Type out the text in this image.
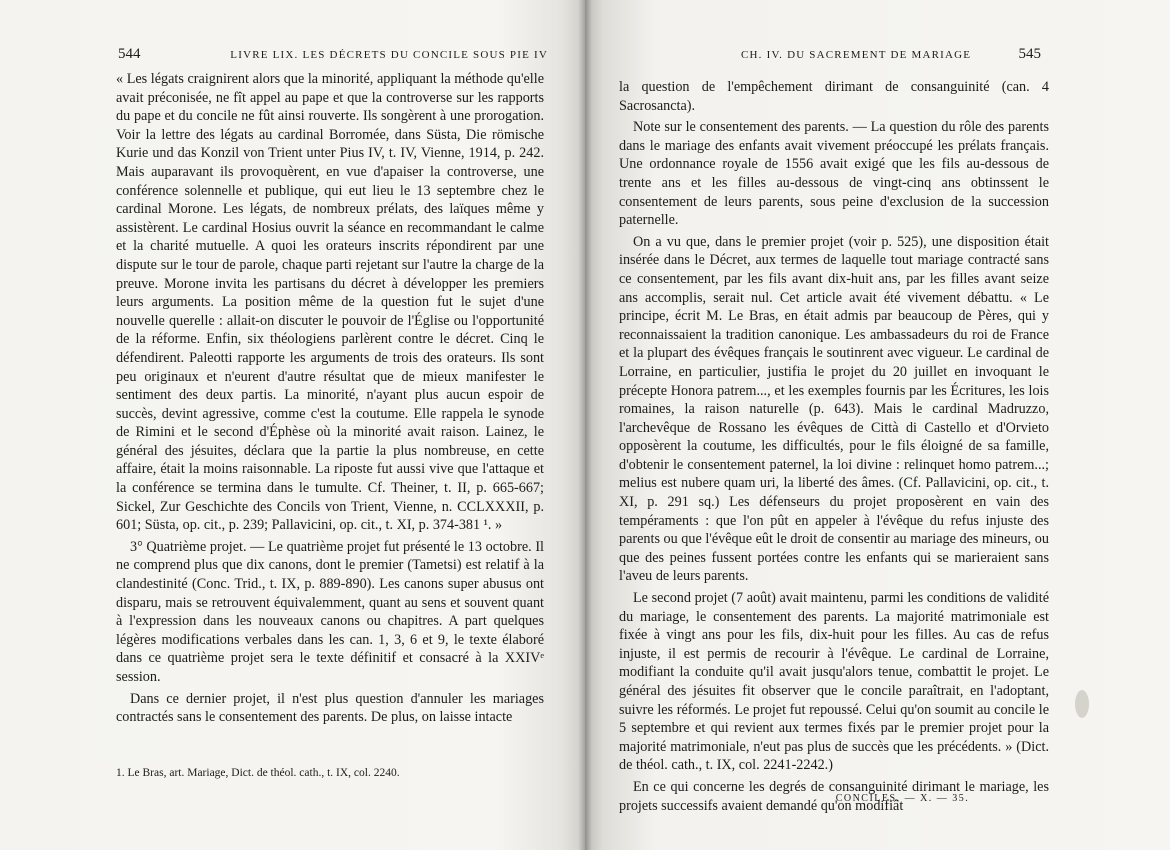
544	LIVRE LIX. LES DÉCRETS DU CONCILE SOUS PIE IV

« Les légats craignirent alors que la minorité, appliquant la méthode qu'elle avait préconisée, ne fît appel au pape et que la controverse sur les rapports du pape et du concile ne fût ainsi rouverte. Ils songèrent à une prorogation. Voir la lettre des légats au cardinal Borromée, dans Süsta, Die römische Kurie und das Konzil von Trient unter Pius IV, t. IV, Vienne, 1914, p. 242. Mais auparavant ils provoquèrent, en vue d'apaiser la controverse, une conférence solennelle et publique, qui eut lieu le 13 septembre chez le cardinal Morone. Les légats, de nombreux prélats, des laïques même y assistèrent. Le cardinal Hosius ouvrit la séance en recommandant le calme et la charité mutuelle. A quoi les orateurs inscrits répondirent par une dispute sur le tour de parole, chaque parti rejetant sur l'autre la charge de la preuve. Morone invita les partisans du décret à développer les premiers leurs arguments. La position même de la question fut le sujet d'une nouvelle querelle : allait-on discuter le pouvoir de l'Église ou l'opportunité de la réforme. Enfin, six théologiens parlèrent contre le décret. Cinq le défendirent. Paleotti rapporte les arguments de trois des orateurs. Ils sont peu originaux et n'eurent d'autre résultat que de mieux manifester le sentiment des deux partis. La minorité, n'ayant plus aucun espoir de succès, devint agressive, comme c'est la coutume. Elle rappela le synode de Rimini et le second d'Éphèse où la minorité avait raison. Lainez, le général des jésuites, déclara que la partie la plus nombreuse, en cette affaire, était la moins raisonnable. La riposte fut aussi vive que l'attaque et la conférence se termina dans le tumulte. Cf. Theiner, t. II, p. 665-667; Sickel, Zur Geschichte des Concils von Trient, Vienne, n. CCLXXXII, p. 601; Süsta, op. cit., p. 239; Pallavicini, op. cit., t. XI, p. 374-381 ¹. »

3° Quatrième projet. — Le quatrième projet fut présenté le 13 octobre. Il ne comprend plus que dix canons, dont le premier (Tametsi) est relatif à la clandestinité (Conc. Trid., t. IX, p. 889-890). Les canons super abusus ont disparu, mais se retrouvent équivalemment, quant au sens et souvent quant à l'expression dans les nouveaux canons ou chapitres. A part quelques légères modifications verbales dans les can. 1, 3, 6 et 9, le texte élaboré dans ce quatrième projet sera le texte définitif et consacré à la XXIVᵉ session.

Dans ce dernier projet, il n'est plus question d'annuler les mariages contractés sans le consentement des parents. De plus, on laisse intacte

1. Le Bras, art. Mariage, Dict. de théol. cath., t. IX, col. 2240.
CH. IV. DU SACREMENT DE MARIAGE	545

la question de l'empêchement dirimant de consanguinité (can. 4 Sacrosancta).

Note sur le consentement des parents. — La question du rôle des parents dans le mariage des enfants avait vivement préoccupé les prélats français. Une ordonnance royale de 1556 avait exigé que les fils au-dessous de trente ans et les filles au-dessous de vingt-cinq ans obtinssent le consentement de leurs parents, sous peine d'exclusion de la succession paternelle.

On a vu que, dans le premier projet (voir p. 525), une disposition était insérée dans le Décret, aux termes de laquelle tout mariage contracté sans ce consentement, par les fils avant dix-huit ans, par les filles avant seize ans accomplis, serait nul. Cet article avait été vivement débattu. « Le principe, écrit M. Le Bras, en était admis par beaucoup de Pères, qui y reconnaissaient la tradition canonique. Les ambassadeurs du roi de France et la plupart des évêques français le soutinrent avec vigueur. Le cardinal de Lorraine, en particulier, justifia le projet du 20 juillet en invoquant le précepte Honora patrem..., et les exemples fournis par les Écritures, les lois romaines, la raison naturelle (p. 643). Mais le cardinal Madruzzo, l'archevêque de Rossano les évêques de Città di Castello et d'Orvieto opposèrent la coutume, les difficultés, pour le fils éloigné de sa famille, d'obtenir le consentement paternel, la loi divine : relinquet homo patrem...; melius est nubere quam uri, la liberté des âmes. (Cf. Pallavicini, op. cit., t. XI, p. 291 sq.) Les défenseurs du projet proposèrent en vain des tempéraments : que l'on pût en appeler à l'évêque du refus injuste des parents ou que l'évêque eût le droit de consentir au mariage des mineurs, ou que des peines fussent portées contre les enfants qui se marieraient sans l'aveu de leurs parents.

Le second projet (7 août) avait maintenu, parmi les conditions de validité du mariage, le consentement des parents. La majorité matrimoniale est fixée à vingt ans pour les fils, dix-huit pour les filles. Au cas de refus injuste, il est permis de recourir à l'évêque. Le cardinal de Lorraine, modifiant la conduite qu'il avait jusqu'alors tenue, combattit le projet. Le général des jésuites fit observer que le concile paraîtrait, en l'adoptant, suivre les réformés. Le projet fut repoussé. Celui qu'on soumit au concile le 5 septembre et qui revient aux termes fixés par le premier projet pour la majorité matrimoniale, n'eut pas plus de succès que les précédents. » (Dict. de théol. cath., t. IX, col. 2241-2242.)

En ce qui concerne les degrés de consanguinité dirimant le mariage, les projets successifs avaient demandé qu'on modifiât

CONCILES. — X. — 35.
